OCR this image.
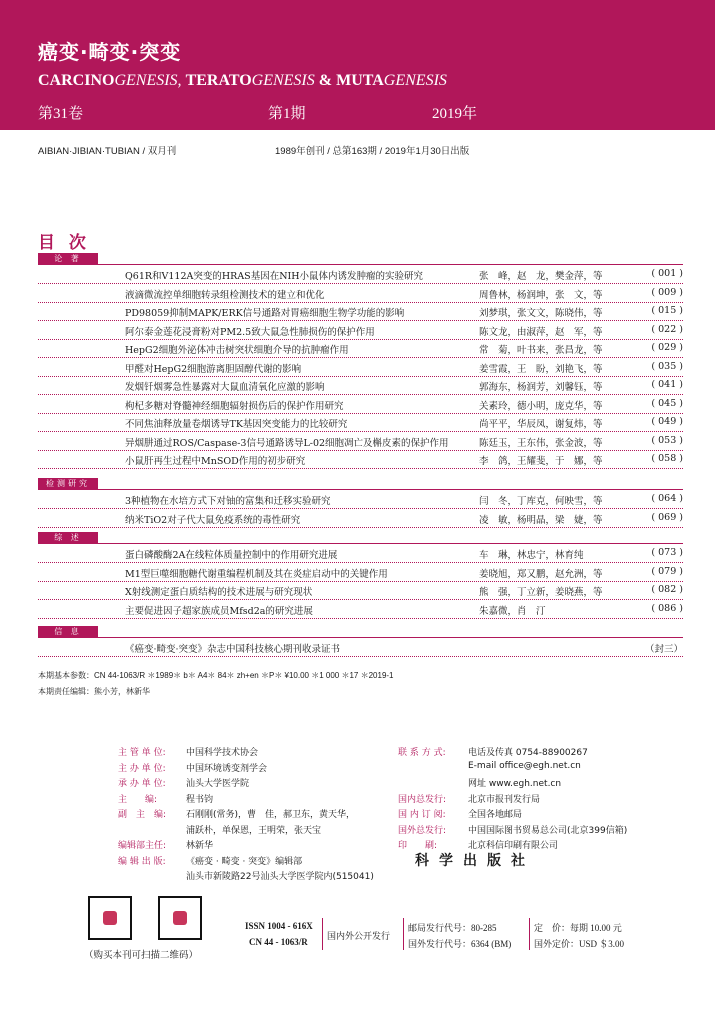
癌变·畸变·突变
CARCINOGENESIS, TERATOGENESIS & MUTAGENESIS
第31卷	第1期	2019年
AIBIAN·JIBIAN·TUBIAN / 双月刊	1989年创刊 / 总第163期 / 2019年1月30日出版
目 次
论 著
Q61R和V112A突变的HRAS基因在NIH小鼠体内诱发肿瘤的实验研究	张　峰，赵　龙，樊金萍，等	( 001 )
液滴微流控单细胞转录组检测技术的建立和优化	周鲁林，杨润坤，张　文，等	( 009 )
PD98059抑制MAPK/ERK信号通路对胃癌细胞生物学功能的影响	刘梦琪，张文文，陈晓伟，等	( 015 )
阿尔泰金莲花浸膏粉对PM2.5致大鼠急性肺损伤的保护作用	陈文龙，由淑萍，赵　军，等	( 022 )
HepG2细胞外泌体冲击树突状细胞介导的抗肿瘤作用	常　菊，叶书来，张昌龙，等	( 029 )
甲醛对HepG2细胞游离胆固醇代谢的影响	姜雪霞，王　盼，刘艳飞，等	( 035 )
发烟钎烟雾急性暴露对大鼠血清氧化应激的影响	郭海东，杨润芳，刘馨钰，等	( 041 )
枸杞多糖对脊髓神经细胞辐射损伤后的保护作用研究	关素玲，德小明，庞克华，等	( 045 )
不同焦油释放量卷烟诱导TK基因突变能力的比较研究	尚平平，华辰凤，谢复炜，等	( 049 )
异烟肼通过ROS/Caspase-3信号通路诱导L-02细胞凋亡及槲皮素的保护作用	陈廷玉，王东伟，张金波，等	( 053 )
小鼠肝再生过程中MnSOD作用的初步研究	李　鸽，王耀斐，于　娜，等	( 058 )
检测研究
3种植物在水培方式下对铀的富集和迁移实验研究	闫　冬，丁库克，何映雪，等	( 064 )
纳米TiO2对子代大鼠免疫系统的毒性研究	凌　敏，杨明晶，梁　婕，等	( 069 )
综 述
蛋白磷酸酶2A在线粒体质量控制中的作用研究进展	车　琳，林忠宁，林育纯	( 073 )
M1型巨噬细胞糖代谢重编程机制及其在炎症启动中的关键作用	姜晓旭，郑又鹏，赵允洲，等	( 079 )
X射线测定蛋白质结构的技术进展与研究现状	熊　强，丁立新，姜晓燕，等	( 082 )
主要促进因子超家族成员Mfsd2a的研究进展	朱嘉微，肖　汀	( 086 )
信 息
《癌变·畸变·突变》杂志中国科技核心期刊收录证书	（封三）
本期基本参数：CN 44-1063/R ＊1989＊ b＊ A4＊ 84＊ zh+en ＊P＊ ¥10.00 ＊1 000 ＊17 ＊2019-1
本期责任编辑：熊小芳，林新华
主 管 单 位: 中国科学技术协会
主 办 单 位: 中国环境诱变剂学会
承 办 单 位: 汕头大学医学院
主　　编:	程书钧
副　主　编: 石刚刚(常务)，曹　佳，郝卫东，黄天华，
浦跃朴，单保恩，王明荣，张天宝
编辑部主任: 林新华
编 辑 出 版: 《癌变 · 畸变 · 突变》编辑部
汕头市新陵路22号汕头大学医学院内(515041)
联 系 方 式: 电话及传真 0754-88900267
E-mail office@egh.net.cn
网址 www.egh.net.cn
国内总发行: 北京市报刊发行局
国 内 订 阅: 全国各地邮局
国外总发行: 中国国际图书贸易总公司(北京399信箱)
印　　刷:	北京科信印刷有限公司
科学出版社
（购买本刊可扫描二维码）
ISSN 1004 - 616X
CN 44 - 1063/R 国内外公开发行
邮局发行代号：80-285
国外发行代号：6364 (BM)
定　价：每期 10.00 元
国外定价：USD ＄3.00
